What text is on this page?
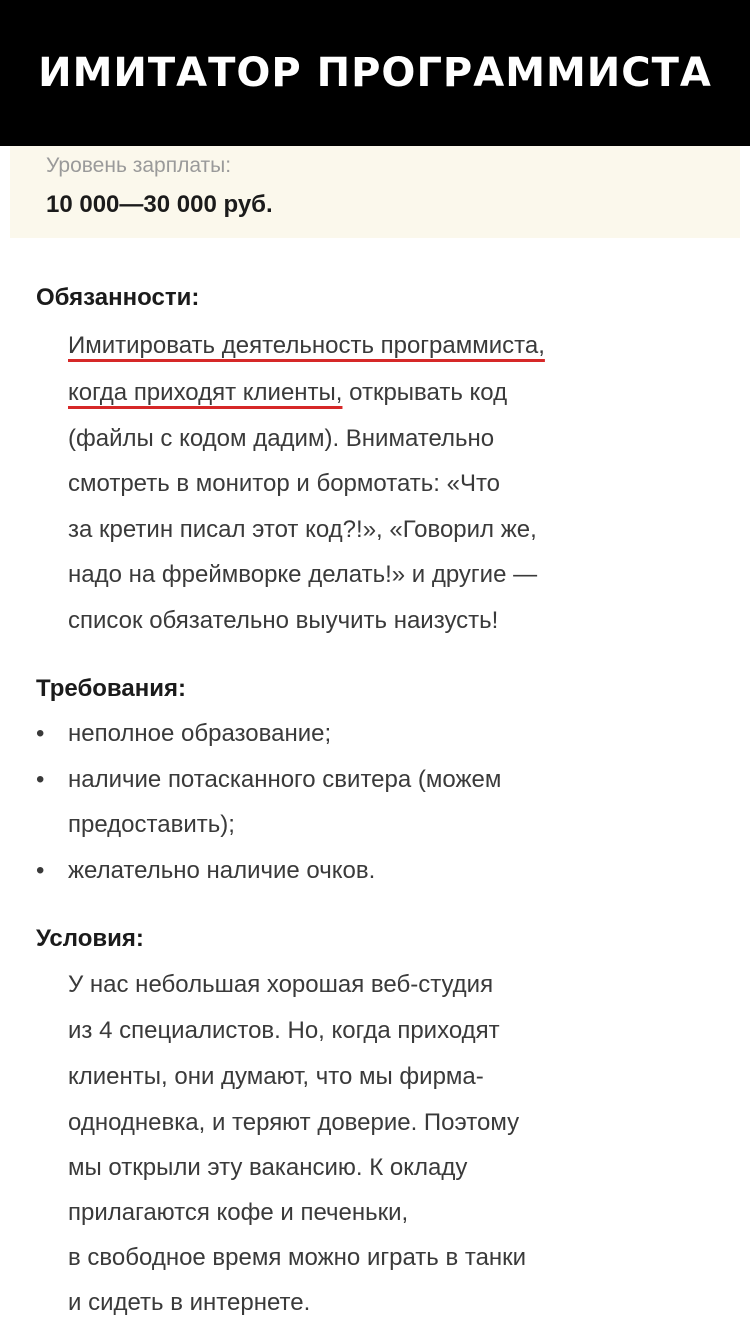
ИМИТАТОР ПРОГРАММИСТА
Уровень зарплаты:
10 000—30 000 руб.
Обязанности:
Имитировать деятельность программиста,
когда приходят клиенты, открывать код
(файлы с кодом дадим). Внимательно
смотреть в монитор и бормотать: «Что
за кретин писал этот код?!», «Говорил же,
надо на фреймворке делать!» и другие —
список обязательно выучить наизусть!
Требования:
• неполное образование;
• наличие потасканного свитера (можем
предоставить);
• желательно наличие очков.
Условия:
У нас небольшая хорошая веб-студия
из 4 специалистов. Но, когда приходят
клиенты, они думают, что мы фирма-
однодневка, и теряют доверие. Поэтому
мы открыли эту вакансию. К окладу
прилагаются кофе и печеньки,
в свободное время можно играть в танки
и сидеть в интернете.
